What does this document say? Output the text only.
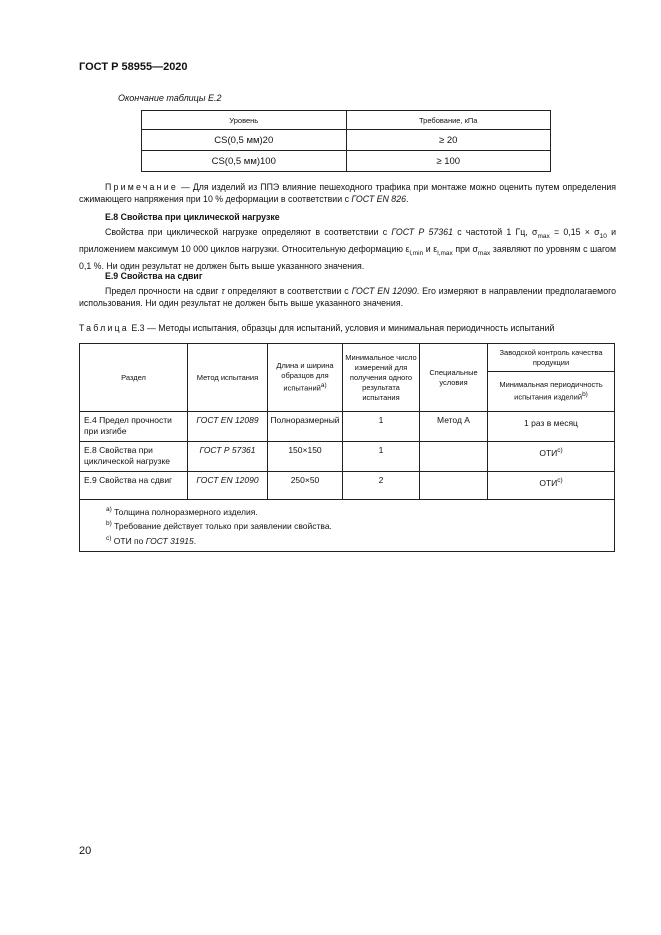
ГОСТ Р 58955—2020
Окончание таблицы Е.2
Уровень	Требование, кПа
CS(0,5 мм)20	≥ 20
CS(0,5 мм)100	≥ 100
Примечание — Для изделий из ППЭ влияние пешеходного трафика при монтаже можно оценить путем определения сжимающего напряжения при 10 % деформации в соответствии с ГОСТ EN 826.
Е.8 Свойства при циклической нагрузке
Свойства при циклической нагрузке определяют в соответствии с ГОСТ Р 57361 с частотой 1 Гц, $\sigma_{max} = 0,15 \times \sigma_{10}$ и приложением максимум 10 000 циклов нагрузки. Относительную деформацию $\varepsilon_{l,min}$ и $\varepsilon_{l,max}$ при $\sigma_{max}$ заявляют по уровням с шагом 0,1 %. Ни один результат не должен быть выше указанного значения.
Е.9 Свойства на сдвиг
Предел прочности на сдвиг τ определяют в соответствии с ГОСТ EN 12090. Его измеряют в направлении предполагаемого использования. Ни один результат не должен быть выше указанного значения.
Таблица Е.3 — Методы испытания, образцы для испытаний, условия и минимальная периодичность испытаний
Раздел	Метод испытания	Длина и ширина образцов для испытаний$^{a)}$	Минимальное число измерений для получения одного результата испытания	Специальные условия	Заводской контроль качества продукции
					Минимальная периодичность испытания изделий$^{b)}$
Е.4 Предел прочности при изгибе	ГОСТ EN 12089	Полноразмерный	1	Метод А	1 раз в месяц
Е.8 Свойства при циклической нагрузке	ГОСТ Р 57361	150×150	1		ОТИ$^{c)}$
Е.9 Свойства на сдвиг	ГОСТ EN 12090	250×50	2		ОТИ$^{c)}$

$^{a)}$ Толщина полноразмерного изделия.
$^{b)}$ Требование действует только при заявлении свойства.
$^{c)}$ ОТИ по ГОСТ 31915.					
20
